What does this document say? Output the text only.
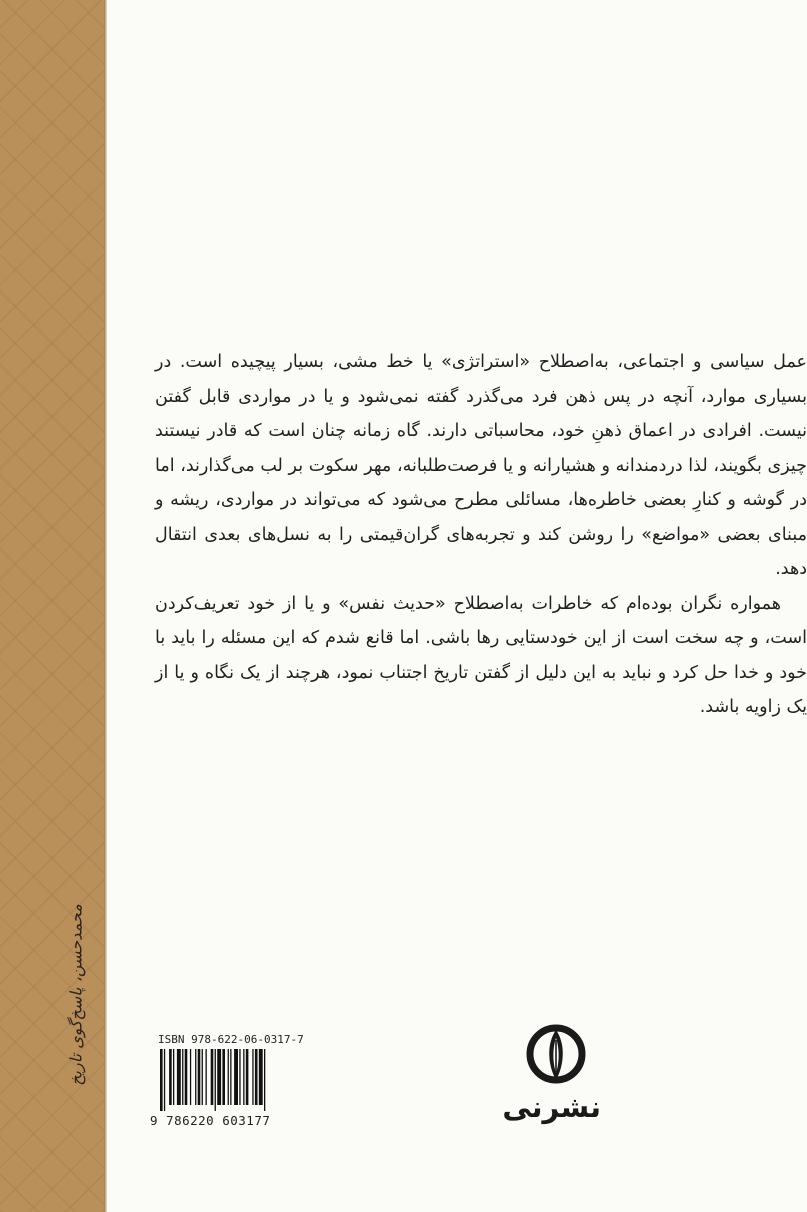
محمدحسن، پاسخ‌گوی تاریخ

عمل سیاسی و اجتماعی، به‌اصطلاح «استراتژی» یا خط مشی، بسیار پیچیده است. در بسیاری موارد، آنچه در پس ذهن فرد می‌گذرد گفته نمی‌شود و یا در مواردی قابل گفتن نیست. افرادی در اعماق ذهنِ خود، محاسباتی دارند. گاه زمانه چنان است که قادر نیستند چیزی بگویند، لذا دردمندانه و هشیارانه و یا فرصت‌طلبانه، مهر سکوت بر لب می‌گذارند، اما در گوشه و کنارِ بعضی خاطره‌ها، مسائلی مطرح می‌شود که می‌تواند در مواردی، ریشه و مبنای بعضی «مواضع» را روشن کند و تجربه‌های گران‌قیمتی را به نسل‌های بعدی انتقال دهد.

همواره نگران بوده‌ام که خاطرات به‌اصطلاح «حدیث نفس» و یا از خود تعریف‌کردن است، و چه سخت است از این خودستایی رها باشی. اما قانع شدم که این مسئله را باید با خود و خدا حل کرد و نباید به این دلیل از گفتن تاریخ اجتناب نمود، هرچند از یک نگاه و یا از یک زاویه باشد.

ISBN 978-622-06-0317-7
9 786220 603177	نشرنی
